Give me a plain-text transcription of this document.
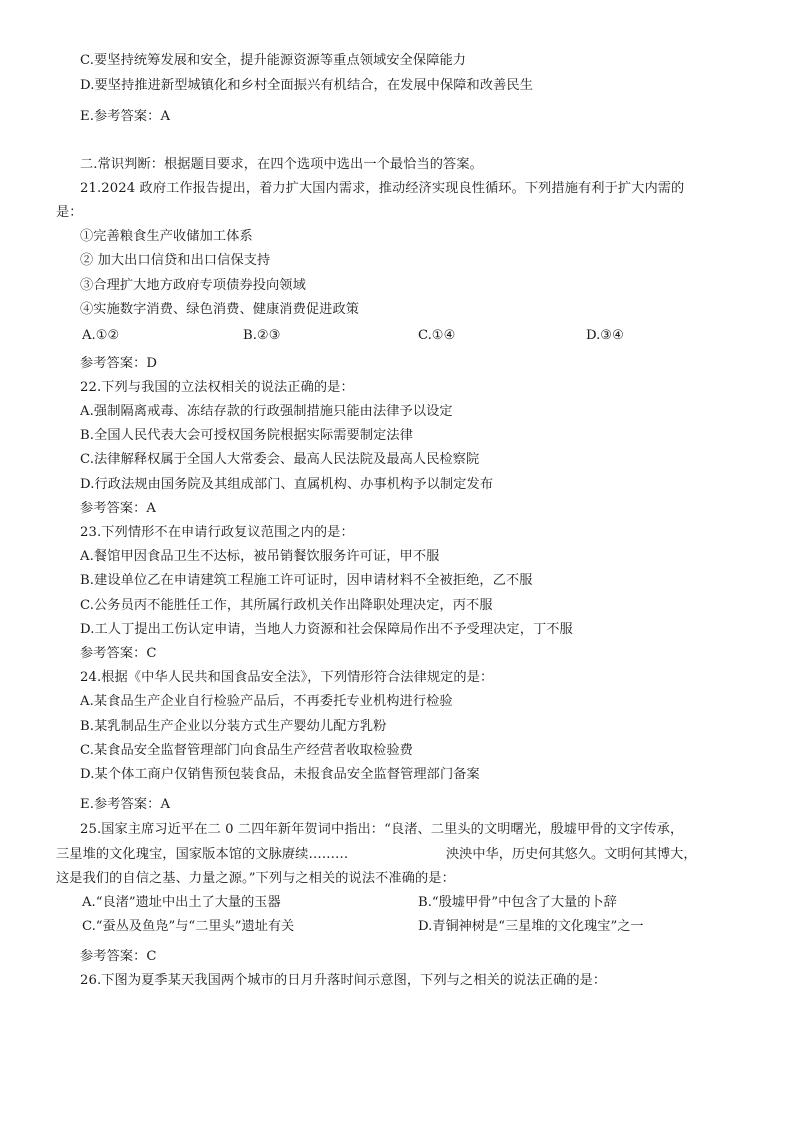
C.要坚持统筹发展和安全，提升能源资源等重点领域安全保障能力
D.要坚持推进新型城镇化和乡村全面振兴有机结合，在发展中保障和改善民生
E.参考答案：A
二.常识判断：根据题目要求，在四个选项中选出一个最恰当的答案。
21.2024 政府工作报告提出，着力扩大国内需求，推动经济实现良性循环。下列措施有利于扩大内需的
是：
①完善粮食生产收储加工体系
② 加大出口信贷和出口信保支持
③合理扩大地方政府专项债券投向领域
④实施数字消费、绿色消费、健康消费促进政策
A.①②	B.②③	C.①④	D.③④
参考答案：D
22.下列与我国的立法权相关的说法正确的是：
A.强制隔离戒毒、冻结存款的行政强制措施只能由法律予以设定
B.全国人民代表大会可授权国务院根据实际需要制定法律
C.法律解释权属于全国人大常委会、最高人民法院及最高人民检察院
D.行政法规由国务院及其组成部门、直属机构、办事机构予以制定发布
参考答案：A
23.下列情形不在申请行政复议范围之内的是：
A.餐馆甲因食品卫生不达标，被吊销餐饮服务许可证，甲不服
B.建设单位乙在申请建筑工程施工许可证时，因申请材料不全被拒绝，乙不服
C.公务员丙不能胜任工作，其所属行政机关作出降职处理决定，丙不服
D.工人丁提出工伤认定申请，当地人力资源和社会保障局作出不予受理决定，丁不服
参考答案：C
24.根据《中华人民共和国食品安全法》，下列情形符合法律规定的是：
A.某食品生产企业自行检验产品后，不再委托专业机构进行检验
B.某乳制品生产企业以分装方式生产婴幼儿配方乳粉
C.某食品安全监督管理部门向食品生产经营者收取检验费
D.某个体工商户仅销售预包装食品，未报食品安全监督管理部门备案
E.参考答案：A
25.国家主席习近平在二 0 二四年新年贺词中指出：“良渚、二里头的文明曙光，殷墟甲骨的文字传承，
三星堆的文化瑰宝，国家版本馆的文脉赓续………	泱泱中华，历史何其悠久。文明何其博大，
这是我们的自信之基、力量之源。”下列与之相关的说法不准确的是：
A.“良渚”遗址中出土了大量的玉器	B.“殷墟甲骨”中包含了大量的卜辞
C.“蚕丛及鱼凫”与“二里头”遗址有关	D.青铜神树是“三星堆的文化瑰宝”之一
参考答案：C
26.下图为夏季某天我国两个城市的日月升落时间示意图，下列与之相关的说法正确的是：
